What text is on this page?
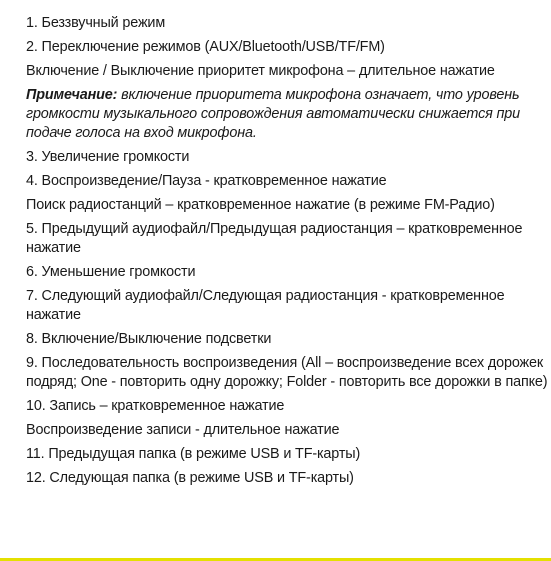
1. Беззвучный режим
2. Переключение режимов (AUX/Bluetooth/USB/TF/FM)
Включение / Выключение приоритет микрофона – длительное нажатие
Примечание: включение приоритета микрофона означает, что уровень громкости музыкального сопровождения автоматически снижается при подаче голоса на вход микрофона.
3. Увеличение громкости
4. Воспроизведение/Пауза - кратковременное нажатие
Поиск радиостанций – кратковременное нажатие (в режиме FM-Радио)
5. Предыдущий аудиофайл/Предыдущая радиостанция – кратковременное нажатие
6. Уменьшение громкости
7. Следующий аудиофайл/Следующая радиостанция - кратковременное нажатие
8. Включение/Выключение подсветки
9. Последовательность воспроизведения (All – воспроизведение всех дорожек подряд; One - повторить одну дорожку; Folder - повторить все дорожки в папке)
10. Запись – кратковременное нажатие
Воспроизведение записи - длительное нажатие
11. Предыдущая папка (в режиме USB и TF-карты)
12. Следующая папка (в режиме USB и TF-карты)
